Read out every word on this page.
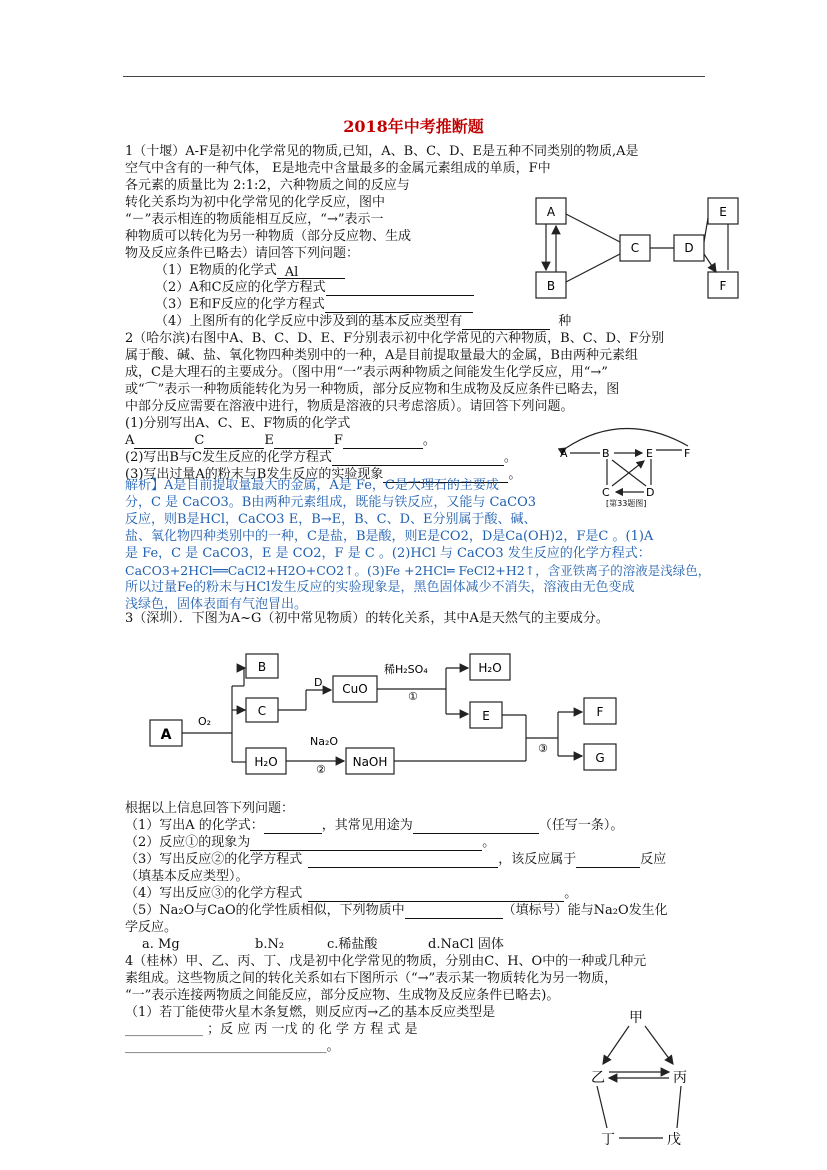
2018年中考推断题
1（十堰）A-F是初中化学常见的物质,已知，A、B、C、D、E是五种不同类别的物质,A是
空气中含有的一种气体， E是地壳中含量最多的金属元素组成的单质，F中
各元素的质量比为 2:1:2，六种物质之间的反应与
转化关系均为初中化学常见的化学反应，图中
“－”表示相连的物质能相互反应，“→”表示一
种物质可以转化为另一种物质（部分反应物、生成
物及反应条件已略去）请回答下列问题：
（1）E物质的化学式 Al
（2）A和C反应的化学方程式
（3）E和F反应的化学方程式
（4）上图所有的化学反应中涉及到的基本反应类型有	种
A
B
C	D
E
F
2（哈尔滨)右图中A、B、C、D、E、F分别表示初中化学常见的六种物质，B、C、D、F分别
属于酸、碱、盐、氧化物四种类别中的一种，A是目前提取量最大的金属，B由两种元素组
成，C是大理石的主要成分。（图中用“一”表示两种物质之间能发生化学反应，用“→”
或“⌒”表示一种物质能转化为另一种物质，部分反应物和生成物及反应条件已略去，图
中部分反应需要在溶液中进行，物质是溶液的只考虑溶质）。请回答下列问题。
(1)分别写出A、C、E、F物质的化学式
A	C	E	F	。
(2)写出B与C发生反应的化学方程式	。
(3)写出过量A的粉末与B发生反应的实验现象	。
A	B	E	F
C	D
[第33题图]
解析】A是目前提取量最大的金属，A是 Fe，C是大理石的主要成
分，C 是 CaCO3。B由两种元素组成，既能与铁反应，又能与 CaCO3
反应，则B是HCl，CaCO3 E，B→E，B、C、D、E分别属于酸、碱、
盐、氧化物四种类别中的一种，C是盐，B是酸，则E是CO2，D是Ca(OH)2，F是C 。(1)A
是 Fe，C 是 CaCO3，E 是 CO2，F 是 C 。(2)HCl 与 CaCO3 发生反应的化学方程式：
CaCO3+2HCl══CaCl2+H2O+CO2↑。(3)Fe +2HCl═ FeCl2+H2↑，含亚铁离子的溶液是浅绿色，
所以过量Fe的粉末与HCl发生反应的实验现象是，黑色固体减少不消失，溶液由无色变成
浅绿色，固体表面有气泡冒出。
3（深圳）．下图为A~G（初中常见物质）的转化关系，其中A是天然气的主要成分。
A
O₂
B
C
D CuO
稀H₂SO₄
①
H₂O
E
H₂O
Na₂O
②
NaOH
③
F
G
根据以上信息回答下列问题：
（1）写出A 的化学式：	，其常见用途为	（任写一条）。
（2）反应①的现象为	。
（3）写出反应②的化学方程式	，该反应属于	反应
（填基本反应类型）。
（4）写出反应③的化学方程式	。
（5）Na₂O与CaO的化学性质相似，下列物质中	（填标号）能与Na₂O发生化
学反应。
a. Mg	b.N₂	c.稀盐酸	d.NaCl 固体
4（桂林）甲、乙、丙、丁、戊是初中化学常见的物质，分别由C、H、O中的一种或几种元
素组成。这些物质之间的转化关系如右下图所示（“→”表示某一物质转化为另一物质，
“一”表示连接两物质之间能反应，部分反应物、生成物及反应条件已略去)。
（1）若丁能使带火星木条复燃，则反应丙→乙的基本反应类型是
____________ ；反 应 丙 一戊 的 化 学 方 程 式 是
_______________________________。
甲
乙	丙
丁	戊
